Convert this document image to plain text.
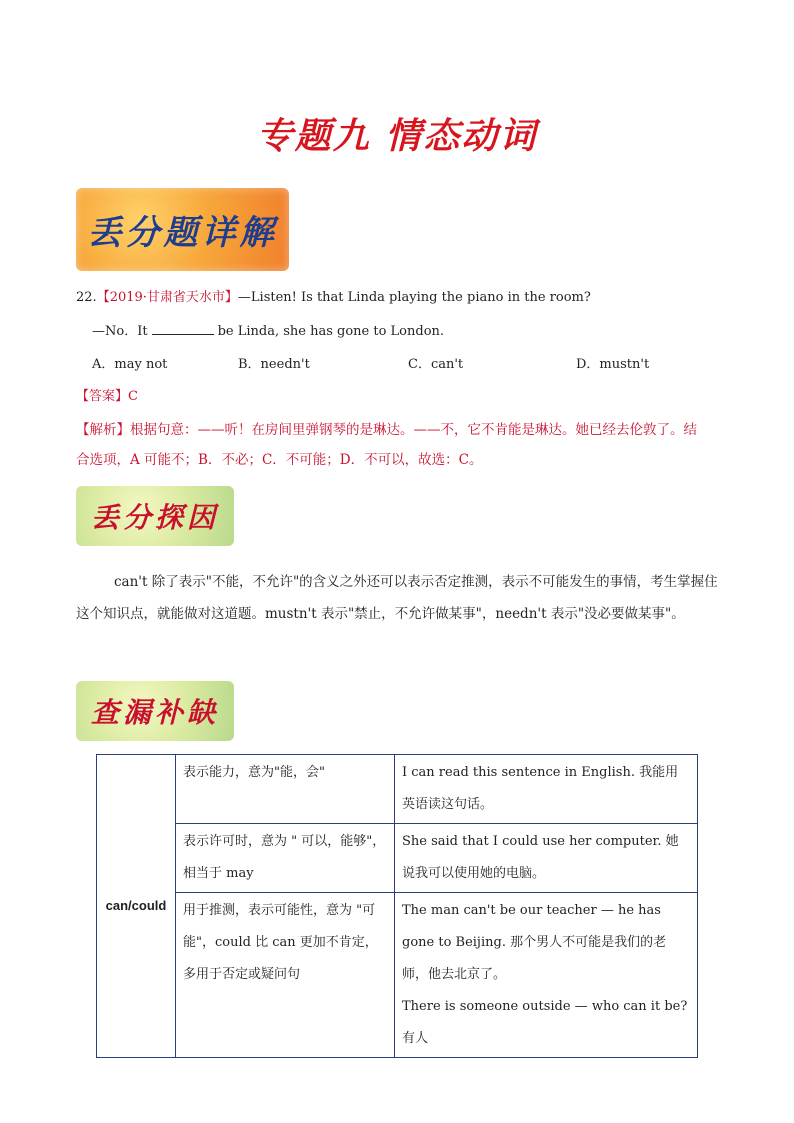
专题九 情态动词
丢分题详解
22.【2019·甘肃省天水市】—Listen! Is that Linda playing the piano in the room?
—No．It	be Linda, she has gone to London.
A．may not	B．needn't	C．can't	D．mustn't
【答案】C
【解析】根据句意：——听！在房间里弹钢琴的是琳达。——不，它不肯能是琳达。她已经去伦敦了。结
合选项，A 可能不；B．不必；C．不可能；D．不可以，故选：C。
丢分探因
can't 除了表示"不能，不允许"的含义之外还可以表示否定推测，表示不可能发生的事情，考生掌握住这个知识点，就能做对这道题。mustn't 表示"禁止，不允许做某事"，needn't 表示"没必要做某事"。
查漏补缺
can/could	表示能力，意为"能，会"	I can read this sentence in English. 我能用英语读这句话。
	表示许可时，意为 " 可以，能够"，相当于 may	She said that I could use her computer. 她说我可以使用她的电脑。
	用于推测，表示可能性，意为 "可能"，could 比 can 更加不肯定，多用于否定或疑问句	The man can't be our teacher — he has gone to Beijing. 那个男人不可能是我们的老师，他去北京了。
There is someone outside — who can it be? 有人
